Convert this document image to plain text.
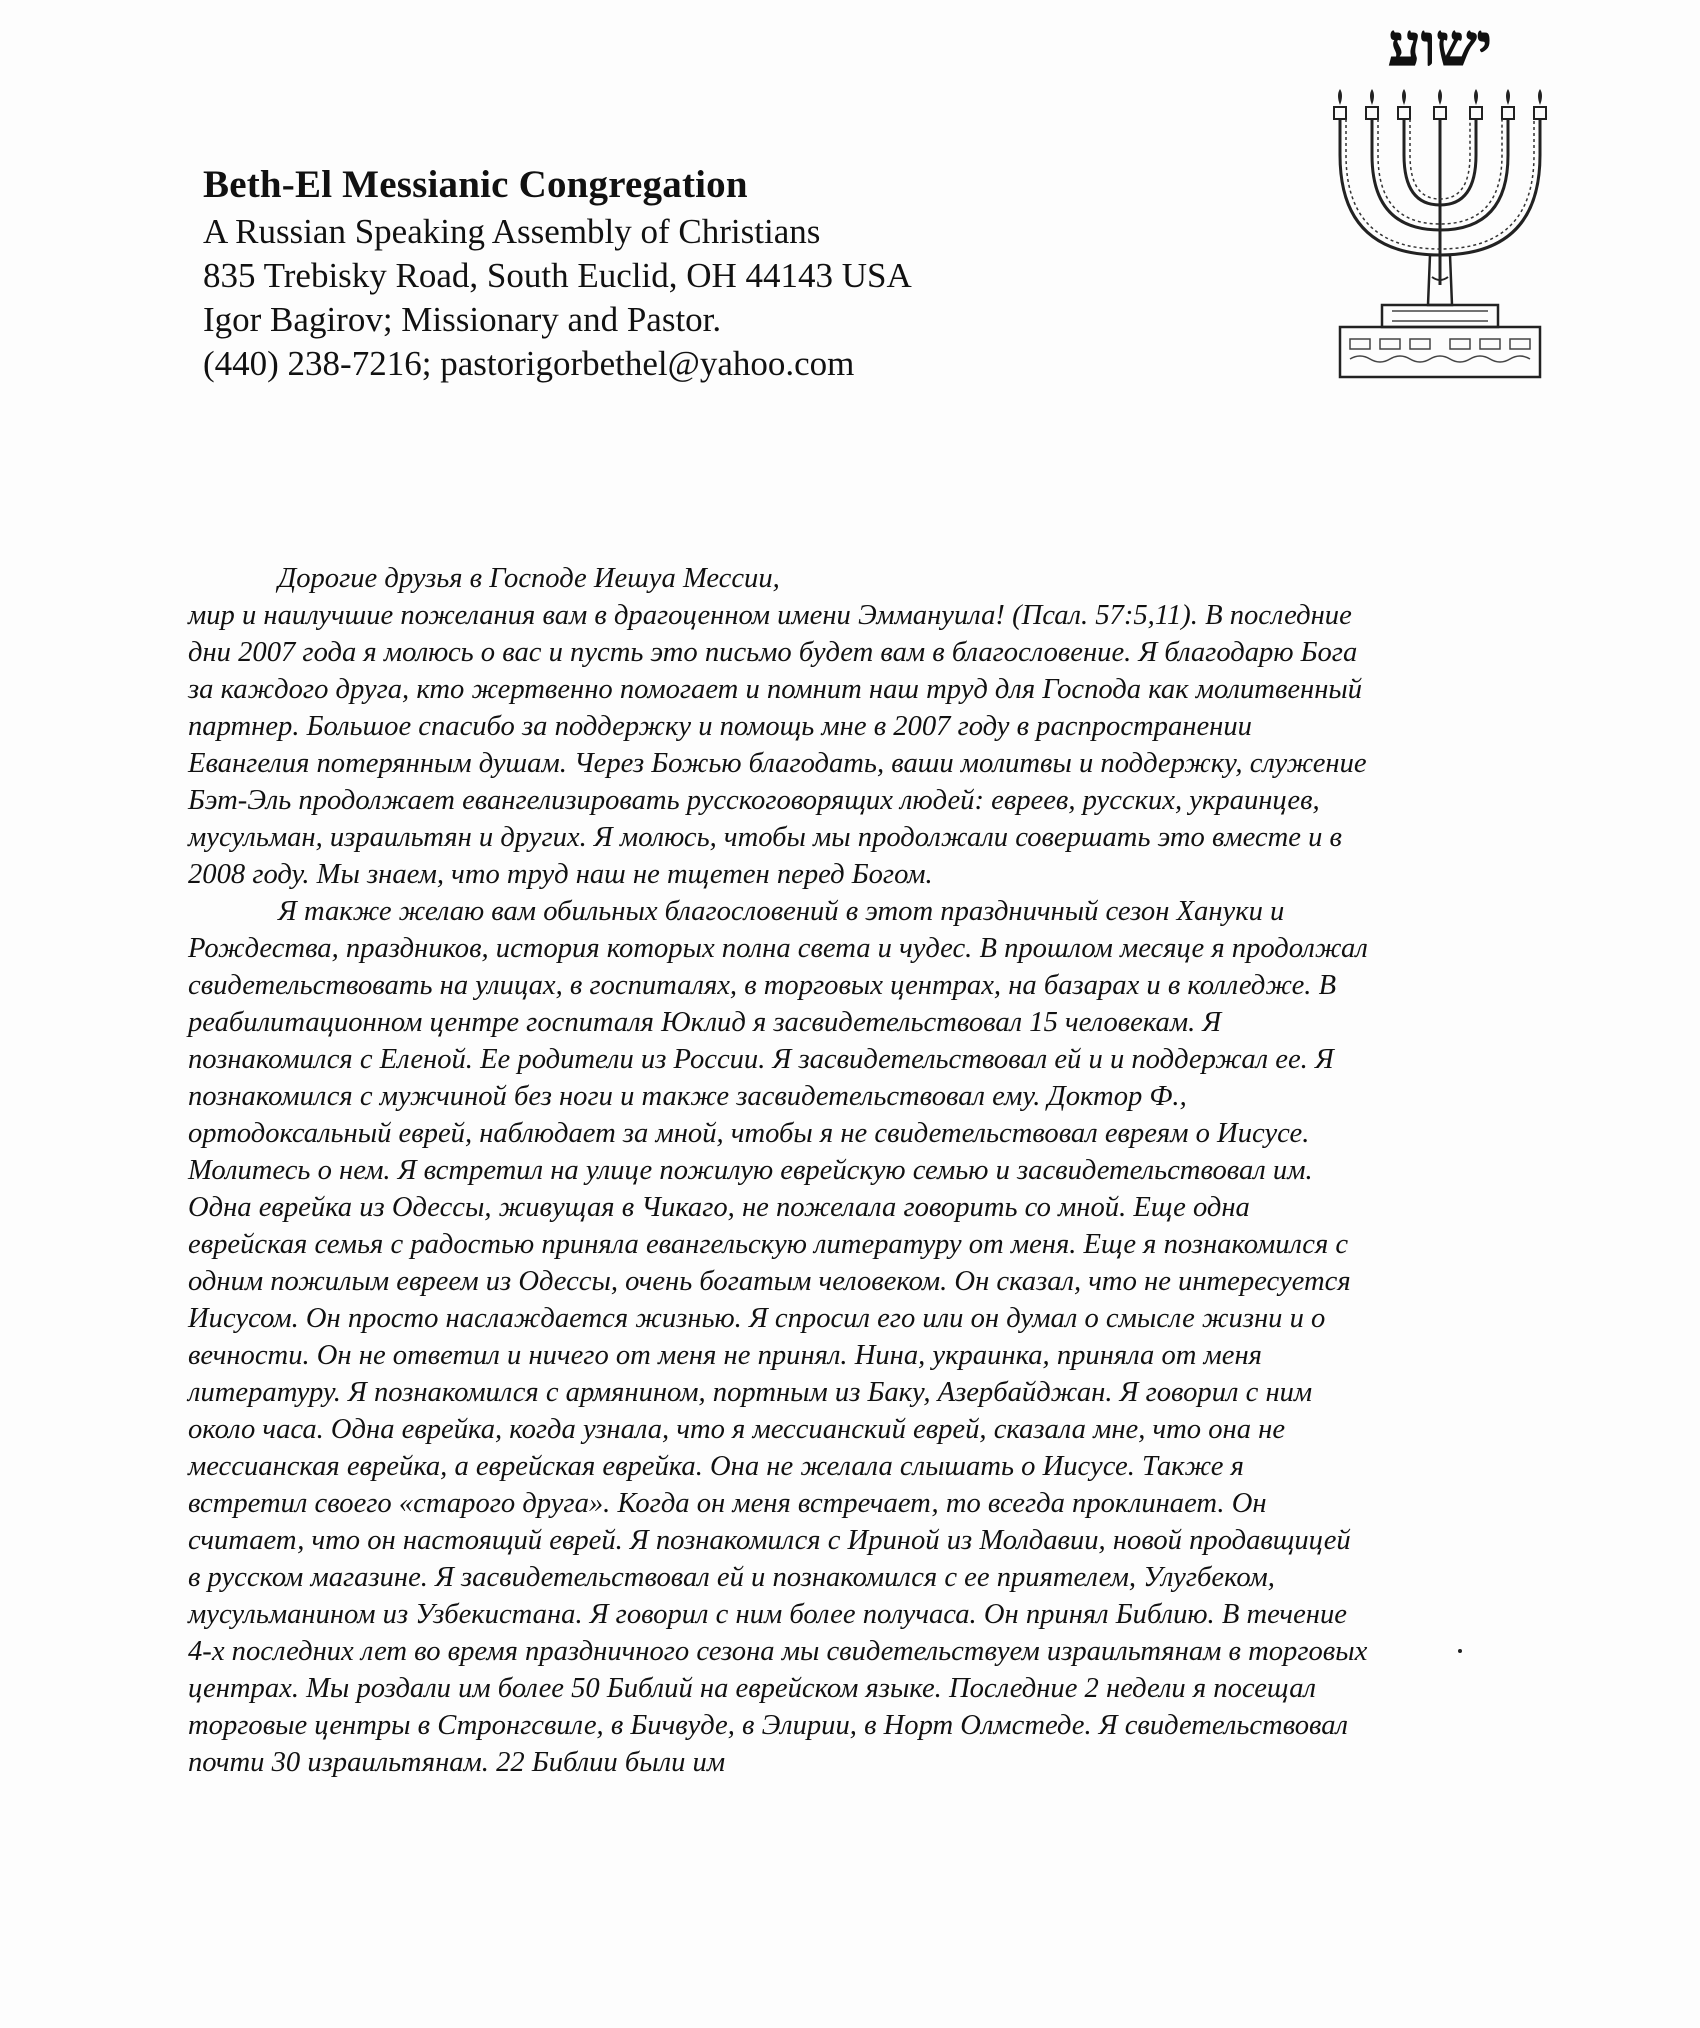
Beth-El Messianic Congregation

A Russian Speaking Assembly of Christians

835 Trebisky Road, South Euclid, OH 44143 USA

Igor Bagirov; Missionary and Pastor.

(440) 238-7216; pastorigorbethel@yahoo.com

ישוע

Дорогие друзья в Господе Иешуа Мессии,

мир и наилучшие пожелания вам в драгоценном имени Эммануила! (Псал. 57:5,11). В последние дни 2007 года я молюсь о вас и пусть это письмо будет вам в благословение. Я благодарю Бога за каждого друга, кто жертвенно помогает и помнит наш труд для Господа как молитвенный партнер. Большое спасибо за поддержку и помощь мне в 2007 году в распространении Евангелия потерянным душам. Через Божью благодать, ваши молитвы и поддержку, служение Бэт-Эль продолжает евангелизировать русскоговорящих людей: евреев, русских, украинцев, мусульман, израильтян и других. Я молюсь, чтобы мы продолжали совершать это вместе и в 2008 году. Мы знаем, что труд наш не тщетен перед Богом.

Я также желаю вам обильных благословений в этот праздничный сезон Хануки и Рождества, праздников, история которых полна света и чудес. В прошлом месяце я продолжал свидетельствовать на улицах, в госпиталях, в торговых центрах, на базарах и в колледже. В реабилитационном центре госпиталя Юклид я засвидетельствовал 15 человекам. Я познакомился с Еленой. Ее родители из России. Я засвидетельствовал ей и и поддержал ее. Я познакомился с мужчиной без ноги и также засвидетельствовал ему. Доктор Ф., ортодоксальный еврей, наблюдает за мной, чтобы я не свидетельствовал евреям о Иисусе. Молитесь о нем. Я встретил на улице пожилую еврейскую семью и засвидетельствовал им. Одна еврейка из Одессы, живущая в Чикаго, не пожелала говорить со мной. Еще одна еврейская семья с радостью приняла евангельскую литературу от меня. Еще я познакомился с одним пожилым евреем из Одессы, очень богатым человеком. Он сказал, что не интересуется Иисусом. Он просто наслаждается жизнью. Я спросил его или он думал о смысле жизни и о вечности. Он не ответил и ничего от меня не принял. Нина, украинка, приняла от меня литературу. Я познакомился с армянином, портным из Баку, Азербайджан. Я говорил с ним около часа. Одна еврейка, когда узнала, что я мессианский еврей, сказала мне, что она не мессианская еврейка, а еврейская еврейка. Она не желала слышать о Иисусе. Также я встретил своего «старого друга». Когда он меня встречает, то всегда проклинает. Он считает, что он настоящий еврей. Я познакомился с Ириной из Молдавии, новой продавщицей в русском магазине. Я засвидетельствовал ей и познакомился с ее приятелем, Улугбеком, мусульманином из Узбекистана. Я говорил с ним более получаса. Он принял Библию. В течение 4-х последних лет во время праздничного сезона мы свидетельствуем израильтянам в торговых центрах. Мы роздали им более 50 Библий на еврейском языке. Последние 2 недели я посещал торговые центры в Стронгсвиле, в Бичвуде, в Элирии, в Норт Олмстеде. Я свидетельствовал почти 30 израильтянам. 22 Библии были им
